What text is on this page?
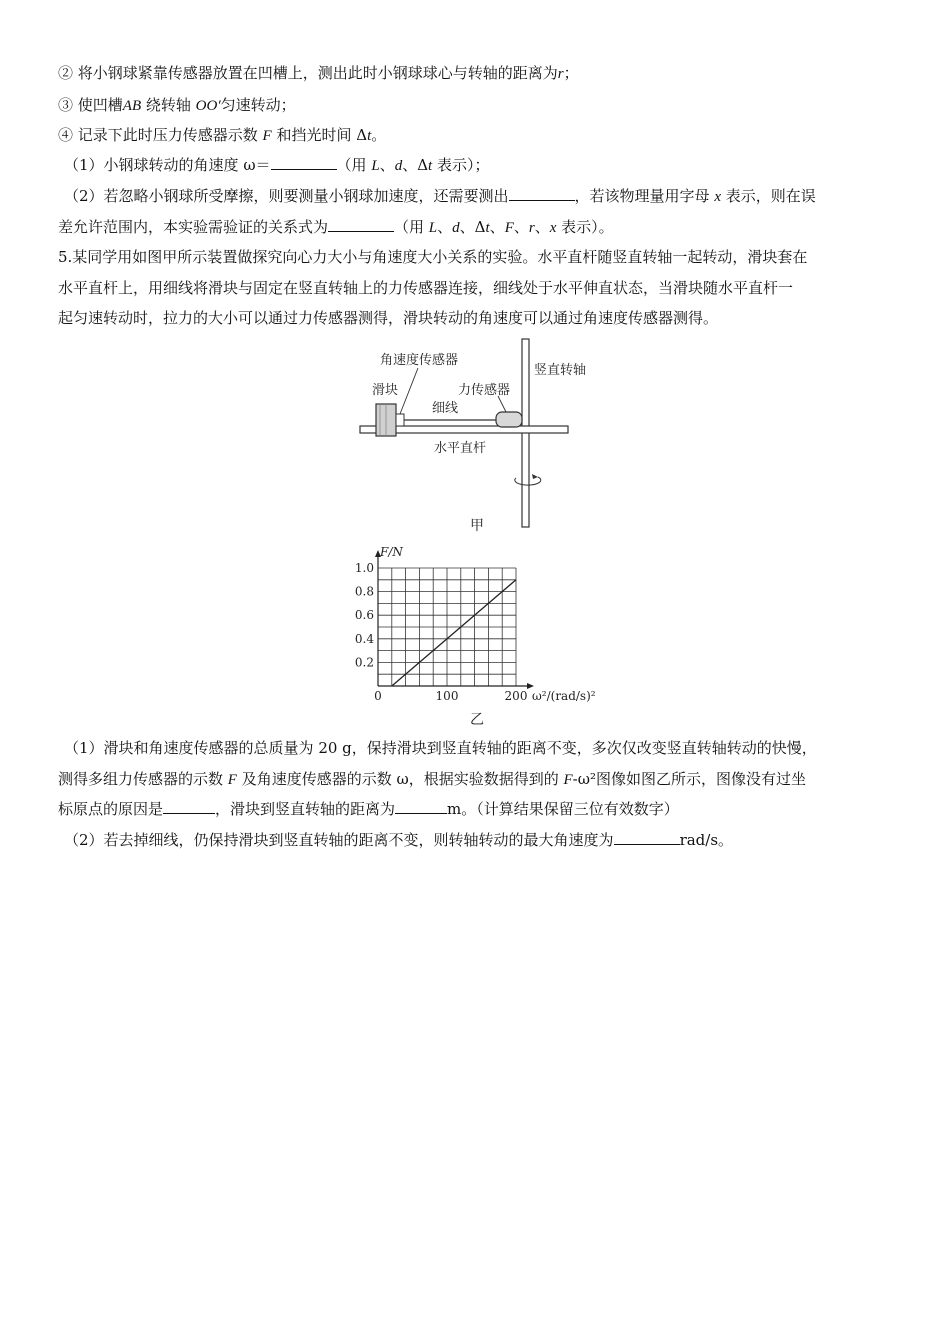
② 将小钢球紧靠传感器放置在凹槽上，测出此时小钢球球心与转轴的距离为r；
③ 使凹槽AB 绕转轴 OO′匀速转动；
④ 记录下此时压力传感器示数 F 和挡光时间 Δt。
（1）小钢球转动的角速度 ω＝	（用 L、d、Δt 表示）；
（2）若忽略小钢球所受摩擦，则要测量小钢球加速度，还需要测出	，若该物理量用字母 x 表示，则在误
差允许范围内，本实验需验证的关系式为	（用 L、d、Δt、F、r、x 表示）。
5.某同学用如图甲所示装置做探究向心力大小与角速度大小关系的实验。水平直杆随竖直转轴一起转动，滑块套在
水平直杆上，用细线将滑块与固定在竖直转轴上的力传感器连接，细线处于水平伸直状态，当滑块随水平直杆一
起匀速转动时，拉力的大小可以通过力传感器测得，滑块转动的角速度可以通过角速度传感器测得。
角速度传感器
滑块	力传感器
细线
竖直转轴
水平直杆
甲
0.2
0.4
0.6
0.8
1.0
0	100	200
F/N
ω²/(rad/s)²
乙
（1）滑块和角速度传感器的总质量为 20 g，保持滑块到竖直转轴的距离不变，多次仅改变竖直转轴转动的快慢，
测得多组力传感器的示数 F 及角速度传感器的示数 ω，根据实验数据得到的 F-ω²图像如图乙所示，图像没有过坐
标原点的原因是	，滑块到竖直转轴的距离为	m。（计算结果保留三位有效数字）
（2）若去掉细线，仍保持滑块到竖直转轴的距离不变，则转轴转动的最大角速度为	rad/s。
